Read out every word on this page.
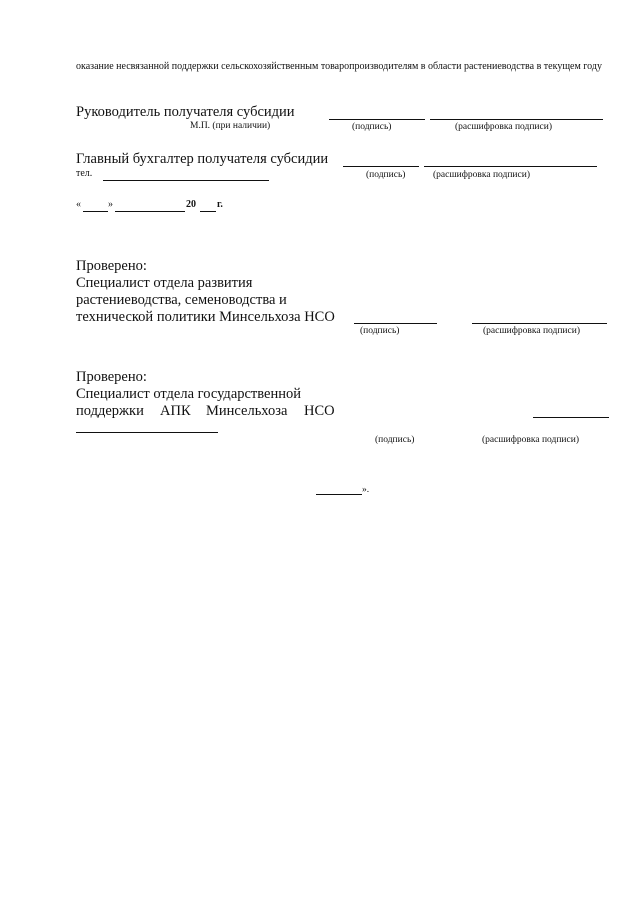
оказание несвязанной поддержки сельскохозяйственным товаропроизводителям в области растениеводства в текущем году
Руководитель получателя субсидии
М.П. (при наличии)	(подпись)	(расшифровка подписи)
Главный бухгалтер получателя субсидии
тел.	(подпись)	(расшифровка подписи)
«	»	20 г.
Проверено:
Специалист отдела развития
растениеводства, семеноводства и
технической политики Минсельхоза НСО
(подпись)	(расшифровка подписи)
Проверено:
Специалист отдела государственной
поддержки АПК Минсельхоза НСО
(подпись)	(расшифровка подписи)
».
